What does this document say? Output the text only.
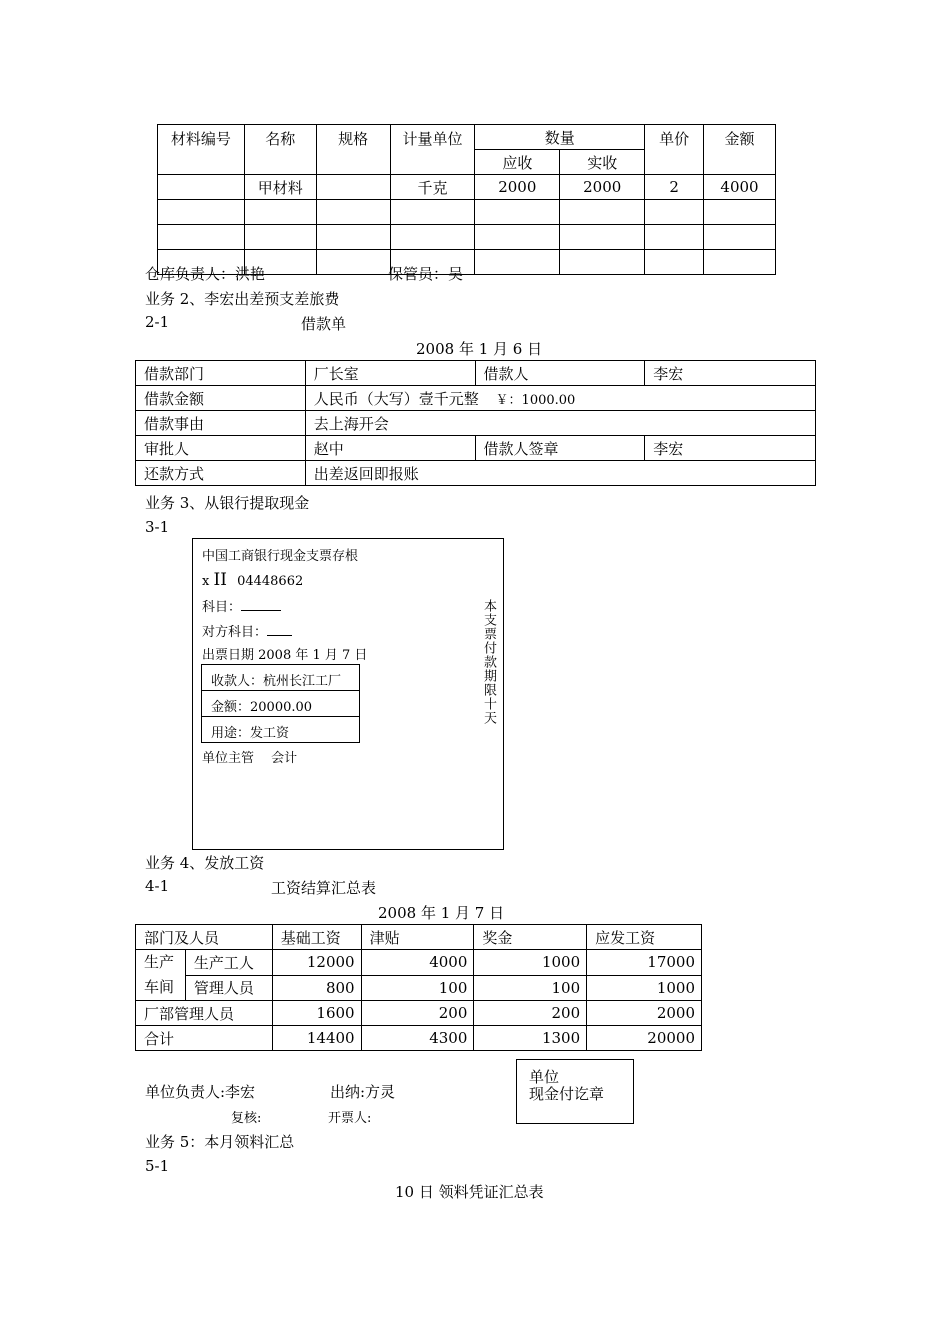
材料编号	名称	规格	计量单位	数量		单价	金额
				应收	实收		
	甲材料		千克	2000	2000	2	4000

仓库负责人：洪艳	保管员：吴
业务 2、李宏出差预支差旅费
2-1	借款单
2008 年 1 月 6 日
借款部门	厂长室	借款人	李宏
借款金额	人民币（大写）壹千元整 ￥：1000.00		
借款事由	去上海开会		
审批人	赵中	借款人签章	李宏
还款方式	出差返回即报账		
业务 3、从银行提取现金
3-1
中国工商银行现金支票存根
x II 04448662
科目：
对方科目：
出票日期 2008 年 1 月 7 日
收款人：杭州长江工厂
金额：20000.00
用途：发工资
单位主管　 会计
本支票付款期限十天
业务 4、发放工资
4-1	工资结算汇总表
2008 年 1 月 7 日
部门及人员		基础工资	津贴	奖金	应发工资

生产
车间	生产工人	12000	4000	1000	17000
	管理人员	800	100	100	1000
厂部管理人员		1600	200	200	2000
合计		14400	4300	1300	20000
单位负责人:李宏	出纳:方灵
复核:	开票人:
单位
现金付讫章
业务 5：本月领料汇总
5-1
10 日 领料凭证汇总表
